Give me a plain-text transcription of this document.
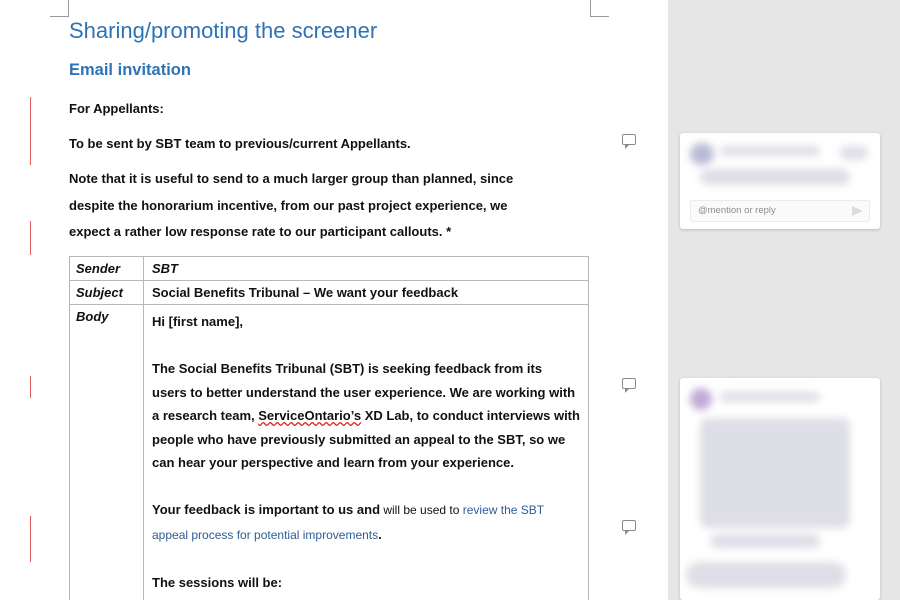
Sharing/promoting the screener
Email invitation
For Appellants:
To be sent by SBT team to previous/current Appellants.
Note that it is useful to send to a much larger group than planned, since
despite the honorarium incentive, from our past project experience, we
expect a rather low response rate to our participant callouts. *
Sender	SBT
Subject	Social Benefits Tribunal – We want your feedback
Body	Hi [first name],

The Social Benefits Tribunal (SBT) is seeking feedback from its users to better understand the user experience. We are working with a research team, ServiceOntario’s XD Lab, to conduct interviews with people who have previously submitted an appeal to the SBT, so we can hear your perspective and learn from your experience.

Your feedback is important to us and will be used to review the SBT appeal process for potential improvements.

The sessions will be:

@mention or reply
